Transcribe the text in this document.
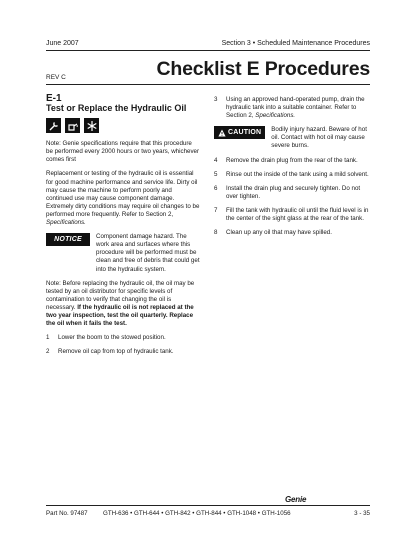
June 2007	Section 3 • Scheduled Maintenance Procedures
Checklist E Procedures
REV C
E-1
Test or Replace the Hydraulic Oil

Note: Genie specifications require that this procedure be performed every 2000 hours or two years, whichever comes first

Replacement or testing of the hydraulic oil is essential for good machine performance and service life. Dirty oil may cause the machine to perform poorly and continued use may cause component damage. Extremely dirty conditions may require oil changes to be performed more frequently. Refer to Section 2, Specifications.

NOTICE	Component damage hazard. The work area and surfaces where this procedure will be performed must be clean and free of debris that could get into the hydraulic system.

Note: Before replacing the hydraulic oil, the oil may be tested by an oil distributor for specific levels of contamination to verify that changing the oil is necessary. If the hydraulic oil is not replaced at the two year inspection, test the oil quarterly. Replace the oil when it fails the test.

1	Lower the boom to the stowed position.
2	Remove oil cap from top of hydraulic tank.
3	Using an approved hand-operated pump, drain the hydraulic tank into a suitable container. Refer to Section 2, Specifications.
CAUTION Bodily injury hazard. Beware of hot oil. Contact with hot oil may cause severe burns.
4	Remove the drain plug from the rear of the tank.
5	Rinse out the inside of the tank using a mild solvent.
6	Install the drain plug and securely tighten. Do not over tighten.
7	Fill the tank with hydraulic oil until the fluid level is in the center of the sight glass at the rear of the tank.
8	Clean up any oil that may have spilled.
Genie
Part No. 97487 GTH-636 • GTH-644 • GTH-842 • GTH-844 • GTH-1048 • GTH-1056	3 - 35
